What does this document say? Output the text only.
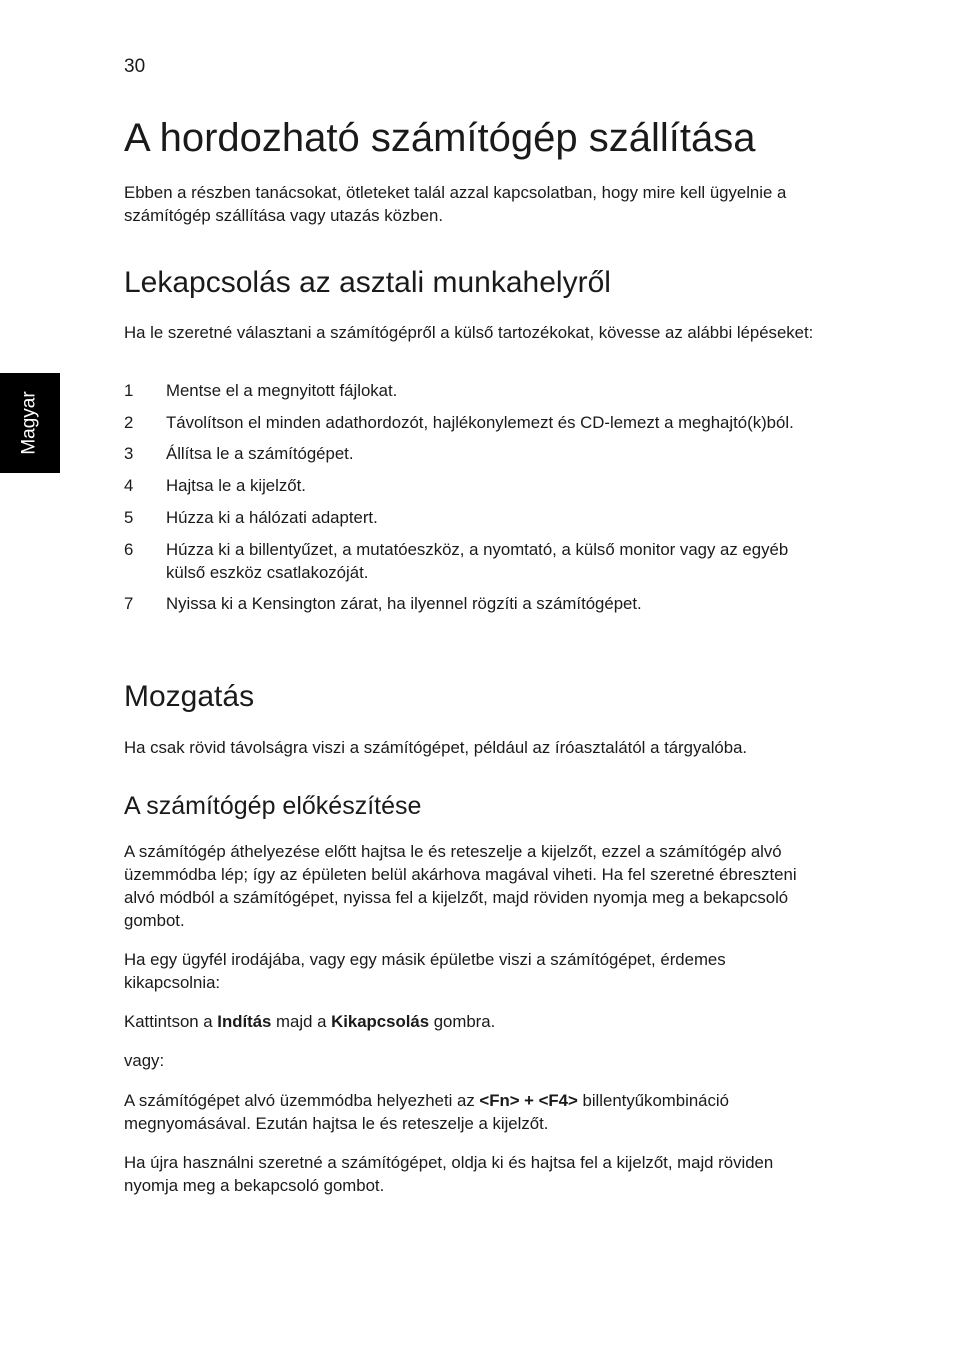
30
Magyar
A hordozható számítógép szállítása

Ebben a részben tanácsokat, ötleteket talál azzal kapcsolatban, hogy mire kell ügyelnie a számítógép szállítása vagy utazás közben.

Lekapcsolás az asztali munkahelyről

Ha le szeretné választani a számítógépről a külső tartozékokat, kövesse az alábbi lépéseket:

1 Mentse el a megnyitott fájlokat.
2 Távolítson el minden adathordozót, hajlékonylemezt és CD-lemezt a meghajtó(k)ból.
3 Állítsa le a számítógépet.
4 Hajtsa le a kijelzőt.
5 Húzza ki a hálózati adaptert.
6 Húzza ki a billentyűzet, a mutatóeszköz, a nyomtató, a külső monitor vagy az egyéb külső eszköz csatlakozóját.
7 Nyissa ki a Kensington zárat, ha ilyennel rögzíti a számítógépet.
Mozgatás

Ha csak rövid távolságra viszi a számítógépet, például az íróasztalától a tárgyalóba.

A számítógép előkészítése

A számítógép áthelyezése előtt hajtsa le és reteszelje a kijelzőt, ezzel a számítógép alvó üzemmódba lép; így az épületen belül akárhova magával viheti. Ha fel szeretné ébreszteni alvó módból a számítógépet, nyissa fel a kijelzőt, majd röviden nyomja meg a bekapcsoló gombot.

Ha egy ügyfél irodájába, vagy egy másik épületbe viszi a számítógépet, érdemes kikapcsolnia:

Kattintson a Indítás majd a Kikapcsolás gombra.

vagy:

A számítógépet alvó üzemmódba helyezheti az <Fn> + <F4> billentyűkombináció megnyomásával. Ezután hajtsa le és reteszelje a kijelzőt.

Ha újra használni szeretné a számítógépet, oldja ki és hajtsa fel a kijelzőt, majd röviden nyomja meg a bekapcsoló gombot.
